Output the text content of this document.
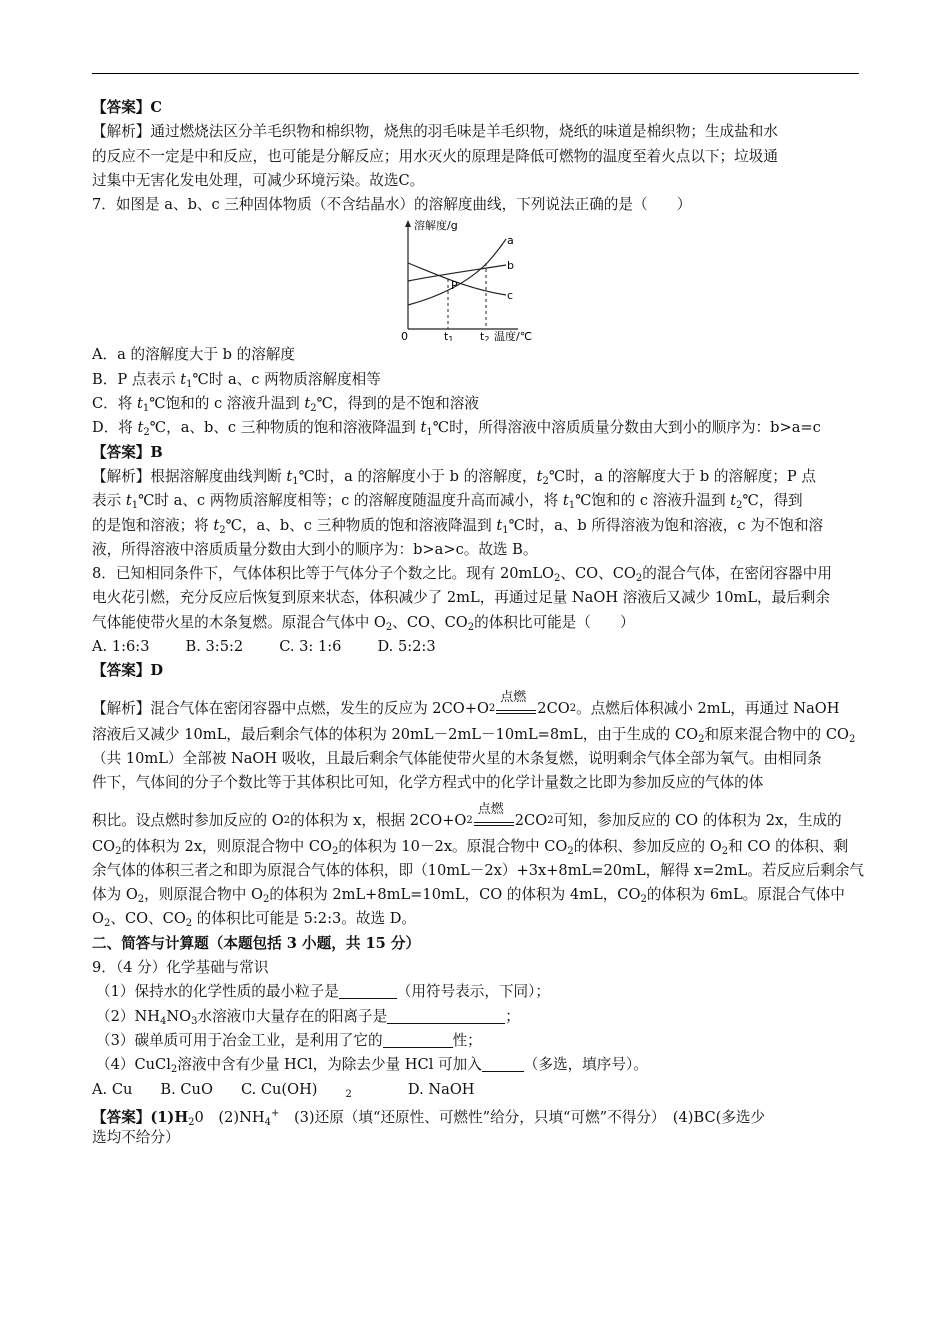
【答案】C
【解析】通过燃烧法区分羊毛织物和棉织物，烧焦的羽毛味是羊毛织物，烧纸的味道是棉织物；生成盐和水
的反应不一定是中和反应，也可能是分解反应；用水灭火的原理是降低可燃物的温度至着火点以下；垃圾通
过集中无害化发电处理，可减少环境污染。故选C。
7．如图是 a、b、c 三种固体物质（不含结晶水）的溶解度曲线，下列说法正确的是（　　）
溶解度/g
a
b
c
P
0	t1 t2 温度/℃
A．a 的溶解度大于 b 的溶解度
B．P 点表示 $t_1℃$时 a、c 两物质溶解度相等
C．将 $t_1℃$饱和的 c 溶液升温到 $t_2℃$，得到的是不饱和溶液
D．将 $t_2℃$，a、b、c 三种物质的饱和溶液降温到 $t_1℃$时，所得溶液中溶质质量分数由大到小的顺序为：b>a=c
【答案】B
【解析】根据溶解度曲线判断 $t_1℃$时，a 的溶解度小于 b 的溶解度，$t_2℃$时，a 的溶解度大于 b 的溶解度；P 点
表示 $t_1℃$时 a、c 两物质溶解度相等；c 的溶解度随温度升高而减小，将 $t_1℃$饱和的 c 溶液升温到 $t_2℃$，得到
的是饱和溶液；将 $t_2℃$，a、b、c 三种物质的饱和溶液降温到 $t_1℃$时，a、b 所得溶液为饱和溶液，c 为不饱和溶
液，所得溶液中溶质质量分数由大到小的顺序为：b>a>c。故选 B。
8．已知相同条件下，气体体积比等于气体分子个数之比。现有 20mLO$_2$、CO、$CO_2$的混合气体，在密闭容器中用
电火花引燃，充分反应后恢复到原来状态，体积减少了 2mL，再通过足量 NaOH 溶液后又减少 10mL，最后剩余
气体能使带火星的木条复燃。原混合气体中 $O_2$、CO、$CO_2$的体积比可能是（　　）
A. 1:6:3 B. 3:5:2 C. 3: 1:6 D. 5:2:3
【答案】D
【解析】混合气体在密闭容器中点燃，发生的反应为 2CO+O 2
点燃
2CO 2 。点燃后体积减小 2mL，再通过 NaOH
溶液后又减少 10mL，最后剩余气体的体积为 20mL－2mL－10mL=8mL，由于生成的 $CO_2$和原来混合物中的 $CO_2$
（共 10mL）全部被 NaOH 吸收，且最后剩余气体能使带火星的木条复燃，说明剩余气体全部为氧气。由相同条
件下，气体间的分子个数比等于其体积比可知，化学方程式中的化学计量数之比即为参加反应的气体的体
积比。设点燃时参加反应的 O 2 的体积为 x，根据 2CO+O 2
点燃
2CO 2 可知，参加反应的 CO 的体积为 2x，生成的
$CO_2$的体积为 2x，则原混合物中 $CO_2$的体积为 10－2x。原混合物中 $CO_2$的体积、参加反应的 $O_2$和 CO 的体积、剩
余气体的体积三者之和即为原混合气体的体积，即（10mL－2x）+3x+8mL=20mL，解得 x=2mL。若反应后剩余气
体为 $O_2$，则原混合物中 $O_2$的体积为 2mL+8mL=10mL，CO 的体积为 4mL，$CO_2$的体积为 6mL。原混合气体中
$O_2$、CO、$CO_2$ 的体积比可能是 5:2:3。故选 D。
二、简答与计算题（本题包括 3 小题，共 15 分）
9．（4 分）化学基础与常识
（1）保持水的化学性质的最小粒子是	（用符号表示，下同）；
$(2)NH_4NO_3$水溶液巾大量存在的阳离子是	；
（3）碳单质可用于冶金工业，是利用了它的	性；
（4）CuCl$_2$溶液中含有少量 HCl，为除去少量 HCl 可加入	（多选，填序号）。
A. Cu B. CuO C. Cu(OH)	2	D. NaOH
【答案】$(1)H_20$　$(2)NH_4^+$　(3)还原（填“还原性、可燃性”给分，只填“可燃”不得分）　(4)BC(多选少
选均不给分）
